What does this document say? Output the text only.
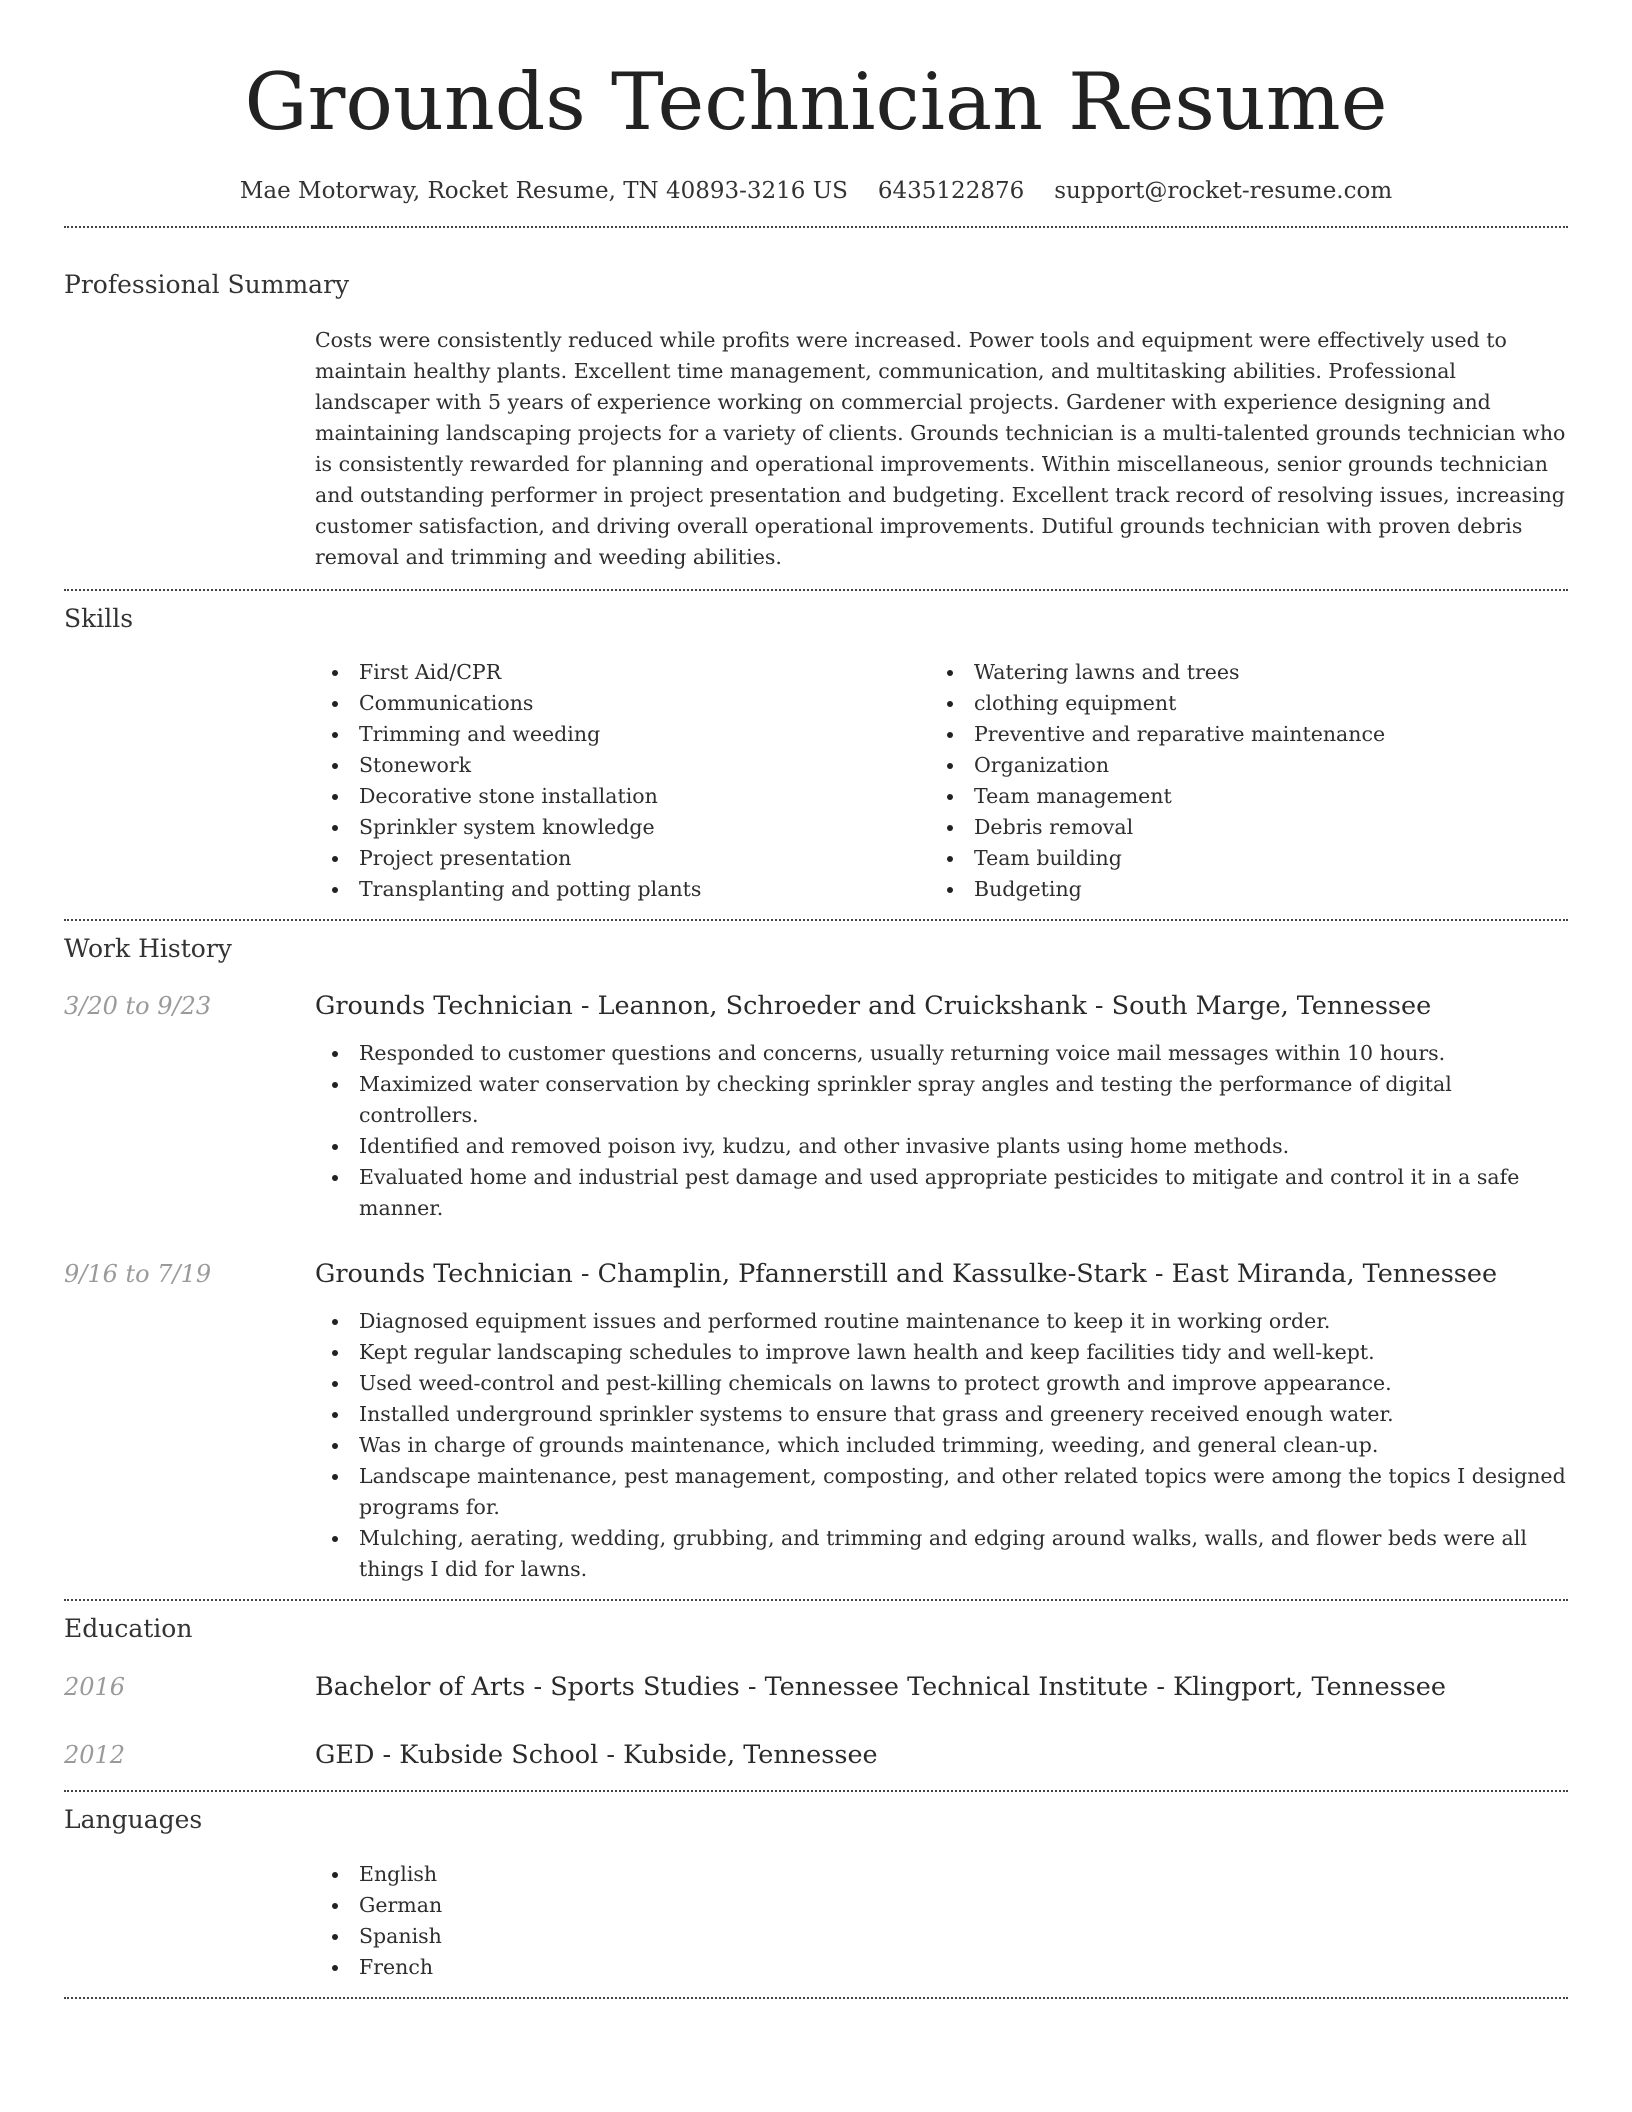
Grounds Technician Resume
Mae Motorway, Rocket Resume, TN 40893-3216 US 6435122876 support@rocket-resume.com
Professional Summary
Costs were consistently reduced while profits were increased. Power tools and equipment were effectively used to maintain healthy plants. Excellent time management, communication, and multitasking abilities. Professional landscaper with 5 years of experience working on commercial projects. Gardener with experience designing and maintaining landscaping projects for a variety of clients. Grounds technician is a multi-talented grounds technician who is consistently rewarded for planning and operational improvements. Within miscellaneous, senior grounds technician and outstanding performer in project presentation and budgeting. Excellent track record of resolving issues, increasing customer satisfaction, and driving overall operational improvements. Dutiful grounds technician with proven debris removal and trimming and weeding abilities.
Skills
First Aid/CPR
Communications
Trimming and weeding
Stonework
Decorative stone installation
Sprinkler system knowledge
Project presentation
Transplanting and potting plants
Watering lawns and trees
clothing equipment
Preventive and reparative maintenance
Organization
Team management
Debris removal
Team building
Budgeting
Work History
3/20 to 9/23	Grounds Technician - Leannon, Schroeder and Cruickshank - South Marge, Tennessee
Responded to customer questions and concerns, usually returning voice mail messages within 10 hours.
Maximized water conservation by checking sprinkler spray angles and testing the performance of digital controllers.
Identified and removed poison ivy, kudzu, and other invasive plants using home methods.
Evaluated home and industrial pest damage and used appropriate pesticides to mitigate and control it in a safe manner.
9/16 to 7/19	Grounds Technician - Champlin, Pfannerstill and Kassulke-Stark - East Miranda, Tennessee
Diagnosed equipment issues and performed routine maintenance to keep it in working order.
Kept regular landscaping schedules to improve lawn health and keep facilities tidy and well-kept.
Used weed-control and pest-killing chemicals on lawns to protect growth and improve appearance.
Installed underground sprinkler systems to ensure that grass and greenery received enough water.
Was in charge of grounds maintenance, which included trimming, weeding, and general clean-up.
Landscape maintenance, pest management, composting, and other related topics were among the topics I designed programs for.
Mulching, aerating, wedding, grubbing, and trimming and edging around walks, walls, and flower beds were all things I did for lawns.
Education
2016	Bachelor of Arts - Sports Studies - Tennessee Technical Institute - Klingport, Tennessee
2012	GED - Kubside School - Kubside, Tennessee
Languages
English
German
Spanish
French
